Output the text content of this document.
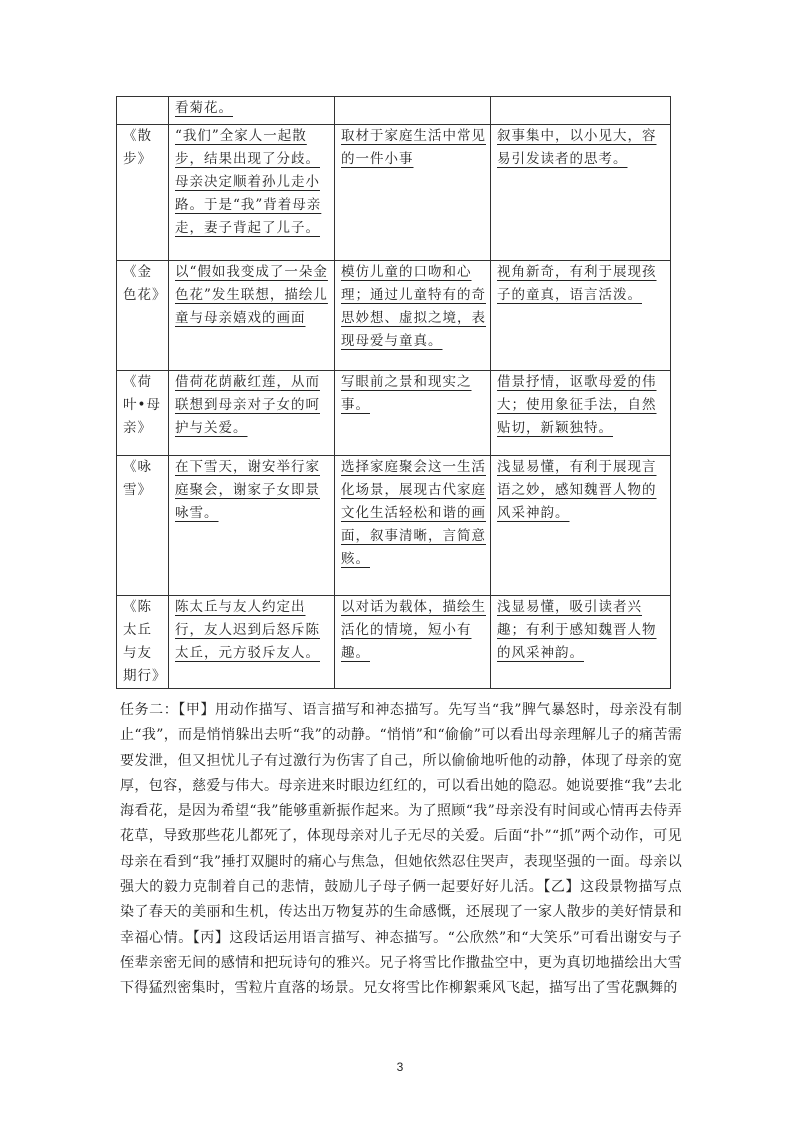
	看菊花。		
《散步》	“我们”全家人一起散步，结果出现了分歧。母亲决定顺着孙儿走小路。于是“我”背着母亲走，妻子背起了儿子。	取材于家庭生活中常见的一件小事	叙事集中，以小见大，容易引发读者的思考。
《金色花》	以“假如我变成了一朵金色花”发生联想，描绘儿童与母亲嬉戏的画面	模仿儿童的口吻和心理；通过儿童特有的奇思妙想、虚拟之境，表现母爱与童真。	视角新奇，有利于展现孩子的童真，语言活泼。
《荷叶•母亲》	借荷花荫蔽红莲，从而联想到母亲对子女的呵护与关爱。	写眼前之景和现实之事。	借景抒情，讴歌母爱的伟大；使用象征手法，自然贴切，新颖独特。
《咏雪》	在下雪天，谢安举行家庭聚会，谢家子女即景咏雪。	选择家庭聚会这一生活化场景，展现古代家庭文化生活轻松和谐的画面，叙事清晰，言简意赅。	浅显易懂，有利于展现言语之妙，感知魏晋人物的风采神韵。
《陈太丘与友期行》	陈太丘与友人约定出行，友人迟到后怒斥陈太丘，元方驳斥友人。	以对话为载体，描绘生活化的情境，短小有趣。	浅显易懂，吸引读者兴趣；有利于感知魏晋人物的风采神韵。
任务二：【甲】用动作描写、语言描写和神态描写。先写当“我”脾气暴怒时，母亲没有制止“我”，而是悄悄躲出去听“我”的动静。“悄悄”和“偷偷”可以看出母亲理解儿子的痛苦需要发泄，但又担忧儿子有过激行为伤害了自己，所以偷偷地听他的动静，体现了母亲的宽厚，包容，慈爱与伟大。母亲进来时眼边红红的，可以看出她的隐忍。她说要推“我”去北海看花，是因为希望“我”能够重新振作起来。为了照顾“我”母亲没有时间或心情再去侍弄花草，导致那些花儿都死了，体现母亲对儿子无尽的关爱。后面“扑”“抓”两个动作，可见母亲在看到“我”捶打双腿时的痛心与焦急，但她依然忍住哭声，表现坚强的一面。母亲以强大的毅力克制着自己的悲情，鼓励儿子母子俩一起要好好儿活。【乙】这段景物描写点染了春天的美丽和生机，传达出万物复苏的生命感慨，还展现了一家人散步的美好情景和幸福心情。【丙】这段话运用语言描写、神态描写。“公欣然”和“大笑乐”可看出谢安与子侄辈亲密无间的感情和把玩诗句的雅兴。兄子将雪比作撒盐空中，更为真切地描绘出大雪下得猛烈密集时，雪粒片直落的场景。兄女将雪比作柳絮乘风飞起，描写出了雪花飘舞的
3
